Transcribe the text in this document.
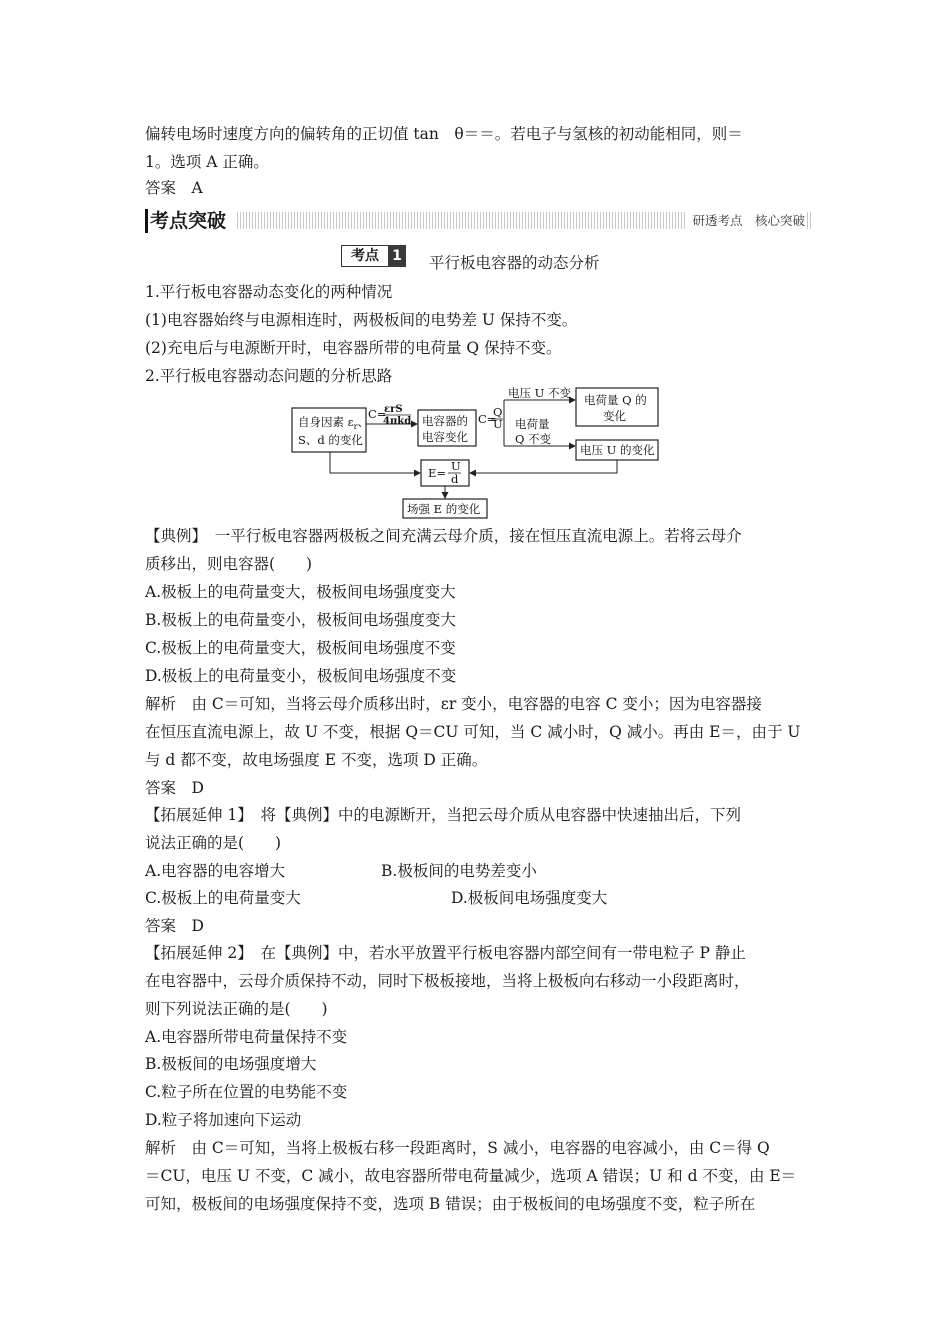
偏转电场时速度方向的偏转角的正切值 tan　θ＝＝。若电子与氢核的初动能相同，则＝
1。选项 A 正确。
答案　A
考点突破	研透考点　核心突破
考点 1 平行板电容器的动态分析
1.平行板电容器动态变化的两种情况
(1)电容器始终与电源相连时，两极板间的电势差 U 保持不变。
(2)充电后与电源断开时，电容器所带的电荷量 Q 保持不变。
2.平行板电容器动态问题的分析思路
自身因素 $\varepsilon_r$、
S、d 的变化
C=
εrS
4πkd 电容器的
电容变化
C=
Q
U
电压 U 不变
电荷量
Q 不变
电荷量 Q 的
变化
电压 U 的变化
E= U
d
场强 E 的变化
【典例】　一平行板电容器两极板之间充满云母介质，接在恒压直流电源上。若将云母介
质移出，则电容器(　　)
A.极板上的电荷量变大，极板间电场强度变大
B.极板上的电荷量变小，极板间电场强度变大
C.极板上的电荷量变大，极板间电场强度不变
D.极板上的电荷量变小，极板间电场强度不变
解析　由 C＝可知，当将云母介质移出时，εr 变小，电容器的电容 C 变小；因为电容器接
在恒压直流电源上，故 U 不变，根据 Q＝CU 可知，当 C 减小时，Q 减小。再由 E＝，由于 U
与 d 都不变，故电场强度 E 不变，选项 D 正确。
答案　D
【拓展延伸 1】　将【典例】中的电源断开，当把云母介质从电容器中快速抽出后，下列
说法正确的是(　　)
A.电容器的电容增大	B.极板间的电势差变小
C.极板上的电荷量变大	D.极板间电场强度变大
答案　D
【拓展延伸 2】　在【典例】中，若水平放置平行板电容器内部空间有一带电粒子 P 静止
在电容器中，云母介质保持不动，同时下极板接地，当将上极板向右移动一小段距离时，
则下列说法正确的是(　　)
A.电容器所带电荷量保持不变
B.极板间的电场强度增大
C.粒子所在位置的电势能不变
D.粒子将加速向下运动
解析　由 C＝可知，当将上极板右移一段距离时，S 减小，电容器的电容减小，由 C＝得 Q
＝CU，电压 U 不变，C 减小，故电容器所带电荷量减少，选项 A 错误；U 和 d 不变，由 E＝
可知，极板间的电场强度保持不变，选项 B 错误；由于极板间的电场强度不变，粒子所在
